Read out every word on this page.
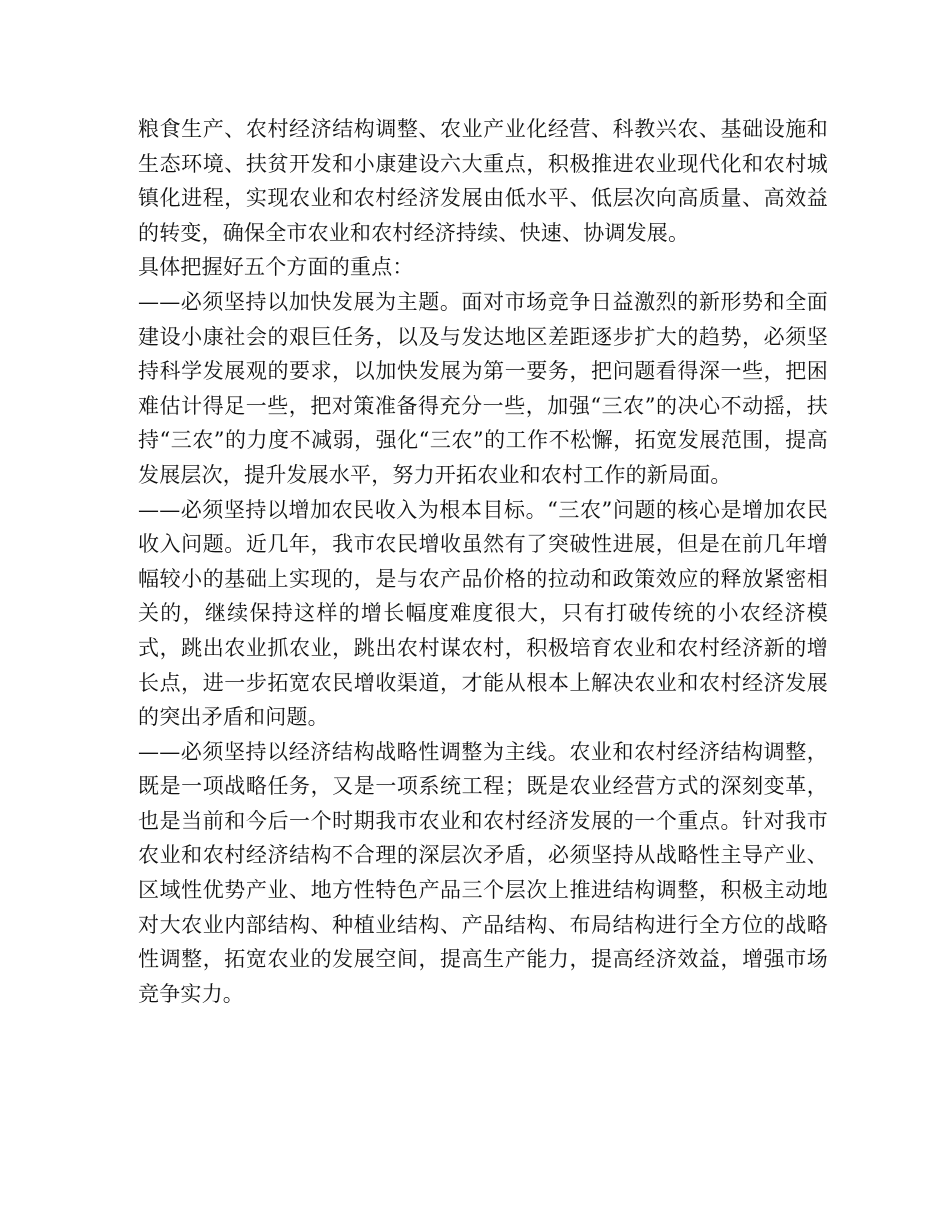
粮食生产、农村经济结构调整、农业产业化经营、科教兴农、基础设施和生态环境、扶贫开发和小康建设六大重点，积极推进农业现代化和农村城镇化进程，实现农业和农村经济发展由低水平、低层次向高质量、高效益的转变，确保全市农业和农村经济持续、快速、协调发展。

具体把握好五个方面的重点：

——必须坚持以加快发展为主题。面对市场竞争日益激烈的新形势和全面建设小康社会的艰巨任务，以及与发达地区差距逐步扩大的趋势，必须坚持科学发展观的要求，以加快发展为第一要务，把问题看得深一些，把困难估计得足一些，把对策准备得充分一些，加强“三农”的决心不动摇，扶持“三农”的力度不减弱，强化“三农”的工作不松懈，拓宽发展范围，提高发展层次，提升发展水平，努力开拓农业和农村工作的新局面。

——必须坚持以增加农民收入为根本目标。“三农”问题的核心是增加农民收入问题。近几年，我市农民增收虽然有了突破性进展，但是在前几年增幅较小的基础上实现的，是与农产品价格的拉动和政策效应的释放紧密相关的，继续保持这样的增长幅度难度很大，只有打破传统的小农经济模式，跳出农业抓农业，跳出农村谋农村，积极培育农业和农村经济新的增长点，进一步拓宽农民增收渠道，才能从根本上解决农业和农村经济发展的突出矛盾和问题。

——必须坚持以经济结构战略性调整为主线。农业和农村经济结构调整，既是一项战略任务，又是一项系统工程；既是农业经营方式的深刻变革，也是当前和今后一个时期我市农业和农村经济发展的一个重点。针对我市农业和农村经济结构不合理的深层次矛盾，必须坚持从战略性主导产业、区域性优势产业、地方性特色产品三个层次上推进结构调整，积极主动地对大农业内部结构、种植业结构、产品结构、布局结构进行全方位的战略性调整，拓宽农业的发展空间，提高生产能力，提高经济效益，增强市场竞争实力。
